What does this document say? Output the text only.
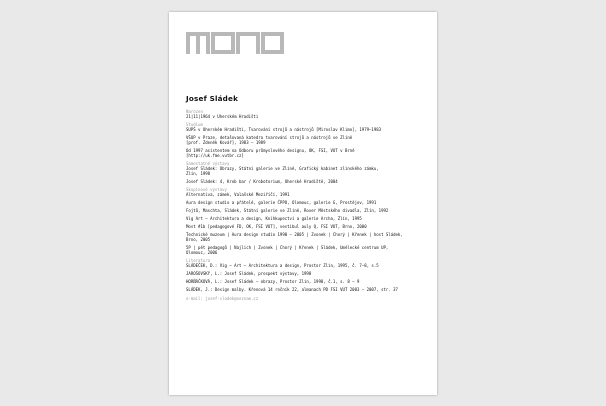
Josef Sládek
Narozen
21|11|1964 v Uherském Hradišti
Studium
SUPŠ v Uherském Hradišti, Tvarování strojů a nástrojů [Miroslav Klimo], 1979–1983
VŠUP v Praze, detašovaná katedra tvarování strojů a nástrojů ve Zlíně
[prof. Zdeněk Kovář], 1983 – 1989
Od 1997 asistentem na Odboru průmyslového designu, OK, FSI, VUT v Brně
[http://uk.fme.vutbr.cz]
Samostatné výstavy
Josef Sládek: Obrazy, Státní galerie ve Zlíně, Grafický kabinet zlínského zámku,
Zlín, 1998
Josef Sládek: 4, Krob bar / Krobotorium, Uherské Hradiště, 2004
Skupinové výstavy
Alternativa, zámek, Valašské Meziříčí, 1991
Aura design studio a přátelé, galerie ČPPO, Olomouc, galerie G, Prostějov, 1991
Fojtů, Maschta, Sládek, Státní galerie ve Zlíně, Rover Městského divadla, Zlín, 1992
Vig Art – Architektura a design, Knihkupectví a galerie Archa, Zlín, 1995
Most #1b [pedagogové FD, OK, FSI VUT], vestibul auly Q, FSI VUT, Brno, 2000
Technické muzeum | Aura design studio 1990 – 2005 | Zvonek | Chorý | Křenek | host Sládek,
Brno, 2005
5P | pět pedagogů | Najlich | Zvonek | Chorý | Křenek | Sládek, Umělecké centrum UP,
Olomouc, 2006
Literatura
SLÁDEČEK, D.: Vig – Art – Architektura a design, Prostor Zlín, 1995, č. 7–8, s.5
JAROŠOVSKÝ, L.: Josef Sládek, prospekt výstavy, 1998
HORŇÁČKOVÁ, L.: Josef Sládek – obrazy, Prostor Zlín, 1998, č.1, s. 8 – 9
SLÁDEK, J.: Design malby. Křenová 14 ročník 22, almanach PD FSI VUT 2003 – 2007, str. 37
e-mail: josef-sladek@seznam.cz
